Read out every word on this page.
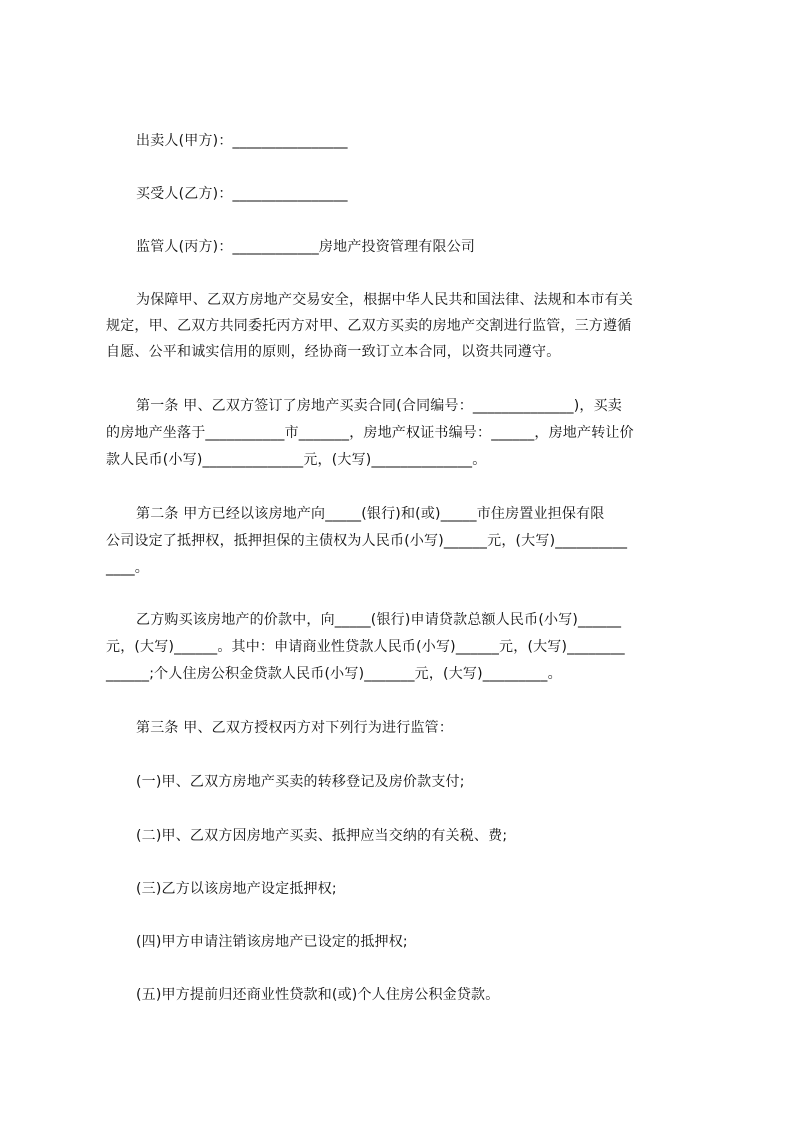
出卖人(甲方)：________________
买受人(乙方)：________________
监管人(丙方)：____________房地产投资管理有限公司
为保障甲、乙双方房地产交易安全，根据中华人民共和国法律、法规和本市有关
规定，甲、乙双方共同委托丙方对甲、乙双方买卖的房地产交割进行监管，三方遵循
自愿、公平和诚实信用的原则，经协商一致订立本合同，以资共同遵守。
第一条 甲、乙双方签订了房地产买卖合同(合同编号：______________)，买卖
的房地产坐落于___________市_______，房地产权证书编号：______，房地产转让价
款人民币(小写)______________元，(大写)______________。
第二条 甲方已经以该房地产向_____(银行)和(或)_____市住房置业担保有限
公司设定了抵押权，抵押担保的主债权为人民币(小写)______元，(大写)__________
____。
乙方购买该房地产的价款中，向_____(银行)申请贷款总额人民币(小写)______
元，(大写)______。其中：申请商业性贷款人民币(小写)______元，(大写)________
______;个人住房公积金贷款人民币(小写)_______元，(大写)_________。
第三条 甲、乙双方授权丙方对下列行为进行监管：
(一)甲、乙双方房地产买卖的转移登记及房价款支付;
(二)甲、乙双方因房地产买卖、抵押应当交纳的有关税、费;
(三)乙方以该房地产设定抵押权;
(四)甲方申请注销该房地产已设定的抵押权;
(五)甲方提前归还商业性贷款和(或)个人住房公积金贷款。
